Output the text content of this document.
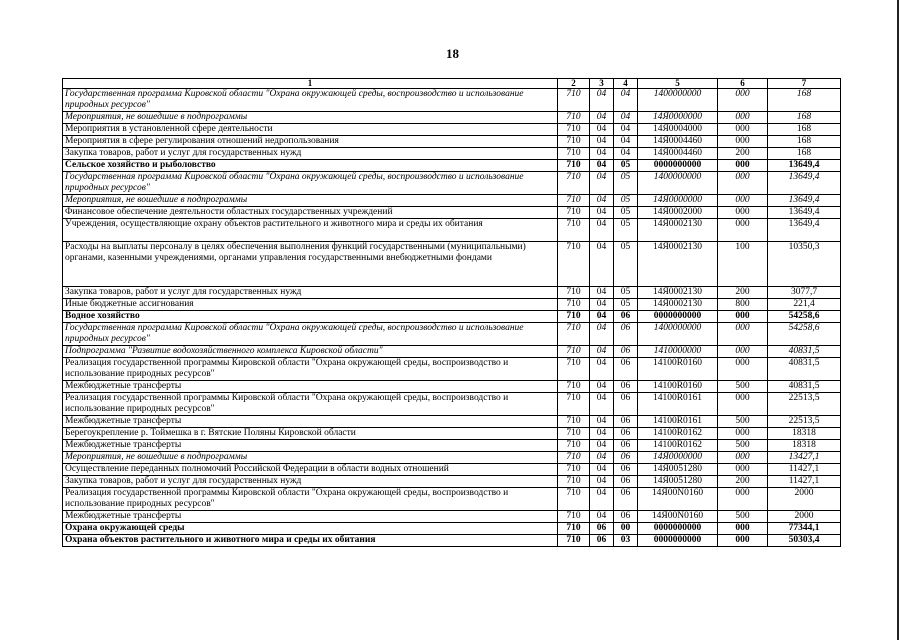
18
1	2	3	4	5	6	7
Государственная программа Кировской области "Охрана окружающей среды, воспроизводство и использование природных ресурсов"	710	04	04	1400000000	000	168
Мероприятия, не вошедшие в подпрограммы	710	04	04	14Я0000000	000	168
Мероприятия в установленной сфере деятельности	710	04	04	14Я0004000	000	168
Мероприятия в сфере регулирования отношений недропользования	710	04	04	14Я0004460	000	168
Закупка товаров, работ и услуг для государственных нужд	710	04	04	14Я0004460	200	168
Сельское хозяйство и рыболовство	710	04	05	0000000000	000	13649,4
Государственная программа Кировской области "Охрана окружающей среды, воспроизводство и использование природных ресурсов"	710	04	05	1400000000	000	13649,4
Мероприятия, не вошедшие в подпрограммы	710	04	05	14Я0000000	000	13649,4
Финансовое обеспечение деятельности областных государственных учреждений	710	04	05	14Я0002000	000	13649,4
Учреждения, осуществляющие охрану объектов растительного и животного мира и среды их обитания	710	04	05	14Я0002130	000	13649,4
Расходы на выплаты персоналу в целях обеспечения выполнения функций государственными (муниципальными) органами, казенными учреждениями, органами управления государственными внебюджетными фондами	710	04	05	14Я0002130	100	10350,3
Закупка товаров, работ и услуг для государственных нужд	710	04	05	14Я0002130	200	3077,7
Иные бюджетные ассигнования	710	04	05	14Я0002130	800	221,4
Водное хозяйство	710	04	06	0000000000	000	54258,6
Государственная программа Кировской области "Охрана окружающей среды, воспроизводство и использование природных ресурсов"	710	04	06	1400000000	000	54258,6
Подпрограмма "Развитие водохозяйственного комплекса Кировской области"	710	04	06	1410000000	000	40831,5
Реализация государственной программы Кировской области "Охрана окружающей среды, воспроизводство и использование природных ресурсов"	710	04	06	14100R0160	000	40831,5
Межбюджетные трансферты	710	04	06	14100R0160	500	40831,5
Реализация государственной программы Кировской области "Охрана окружающей среды, воспроизводство и использование природных ресурсов"	710	04	06	14100R0161	000	22513,5
Межбюджетные трансферты	710	04	06	14100R0161	500	22513,5
Берегоукрепление р. Тоймешка в г. Вятские Поляны Кировской области	710	04	06	14100R0162	000	18318
Межбюджетные трансферты	710	04	06	14100R0162	500	18318
Мероприятия, не вошедшие в подпрограммы	710	04	06	14Я0000000	000	13427,1
Осуществление переданных полномочий Российской Федерации в области водных отношений	710	04	06	14Я0051280	000	11427,1
Закупка товаров, работ и услуг для государственных нужд	710	04	06	14Я0051280	200	11427,1
Реализация государственной программы Кировской области "Охрана окружающей среды, воспроизводство и использование природных ресурсов"	710	04	06	14Я00N0160	000	2000
Межбюджетные трансферты	710	04	06	14Я00N0160	500	2000
Охрана окружающей среды	710	06	00	0000000000	000	77344,1
Охрана объектов растительного и животного мира и среды их обитания	710	06	03	0000000000	000	50303,4
